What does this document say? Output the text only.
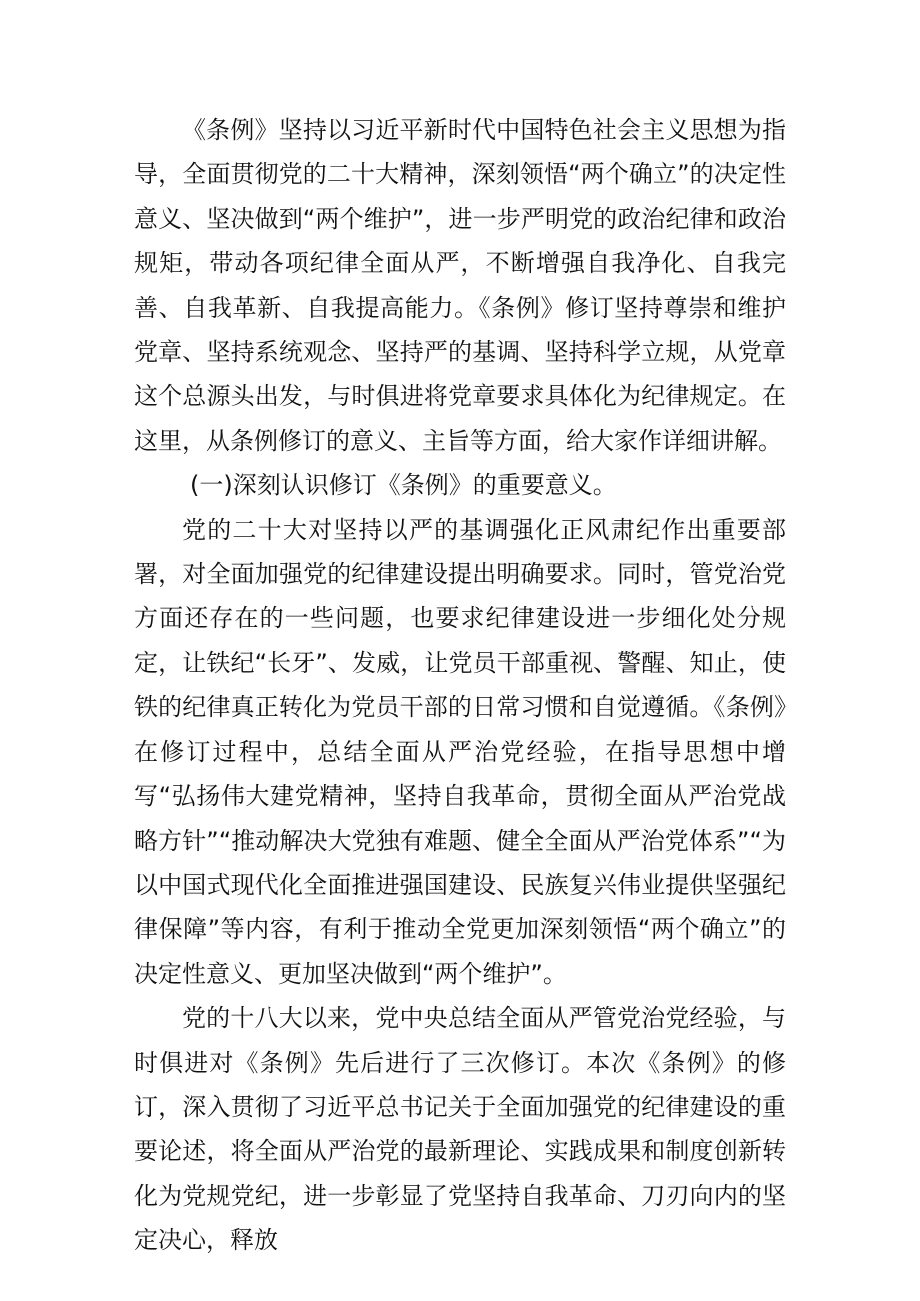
《条例》坚持以习近平新时代中国特色社会主义思想为指导，全面贯彻党的二十大精神，深刻领悟“两个确立”的决定性意义、坚决做到“两个维护”，进一步严明党的政治纪律和政治规矩，带动各项纪律全面从严，不断增强自我净化、自我完善、自我革新、自我提高能力。《条例》修订坚持尊崇和维护党章、坚持系统观念、坚持严的基调、坚持科学立规，从党章这个总源头出发，与时俱进将党章要求具体化为纪律规定。在这里，从条例修订的意义、主旨等方面，给大家作详细讲解。

(一)深刻认识修订《条例》的重要意义。

党的二十大对坚持以严的基调强化正风肃纪作出重要部署，对全面加强党的纪律建设提出明确要求。同时，管党治党方面还存在的一些问题，也要求纪律建设进一步细化处分规定，让铁纪“长牙”、发威，让党员干部重视、警醒、知止，使铁的纪律真正转化为党员干部的日常习惯和自觉遵循。《条例》在修订过程中，总结全面从严治党经验，在指导思想中增写“弘扬伟大建党精神，坚持自我革命，贯彻全面从严治党战略方针”“推动解决大党独有难题、健全全面从严治党体系”“为以中国式现代化全面推进强国建设、民族复兴伟业提供坚强纪律保障”等内容，有利于推动全党更加深刻领悟“两个确立”的决定性意义、更加坚决做到“两个维护”。

党的十八大以来，党中央总结全面从严管党治党经验，与时俱进对《条例》先后进行了三次修订。本次《条例》的修订，深入贯彻了习近平总书记关于全面加强党的纪律建设的重要论述，将全面从严治党的最新理论、实践成果和制度创新转化为党规党纪，进一步彰显了党坚持自我革命、刀刃向内的坚定决心，释放
